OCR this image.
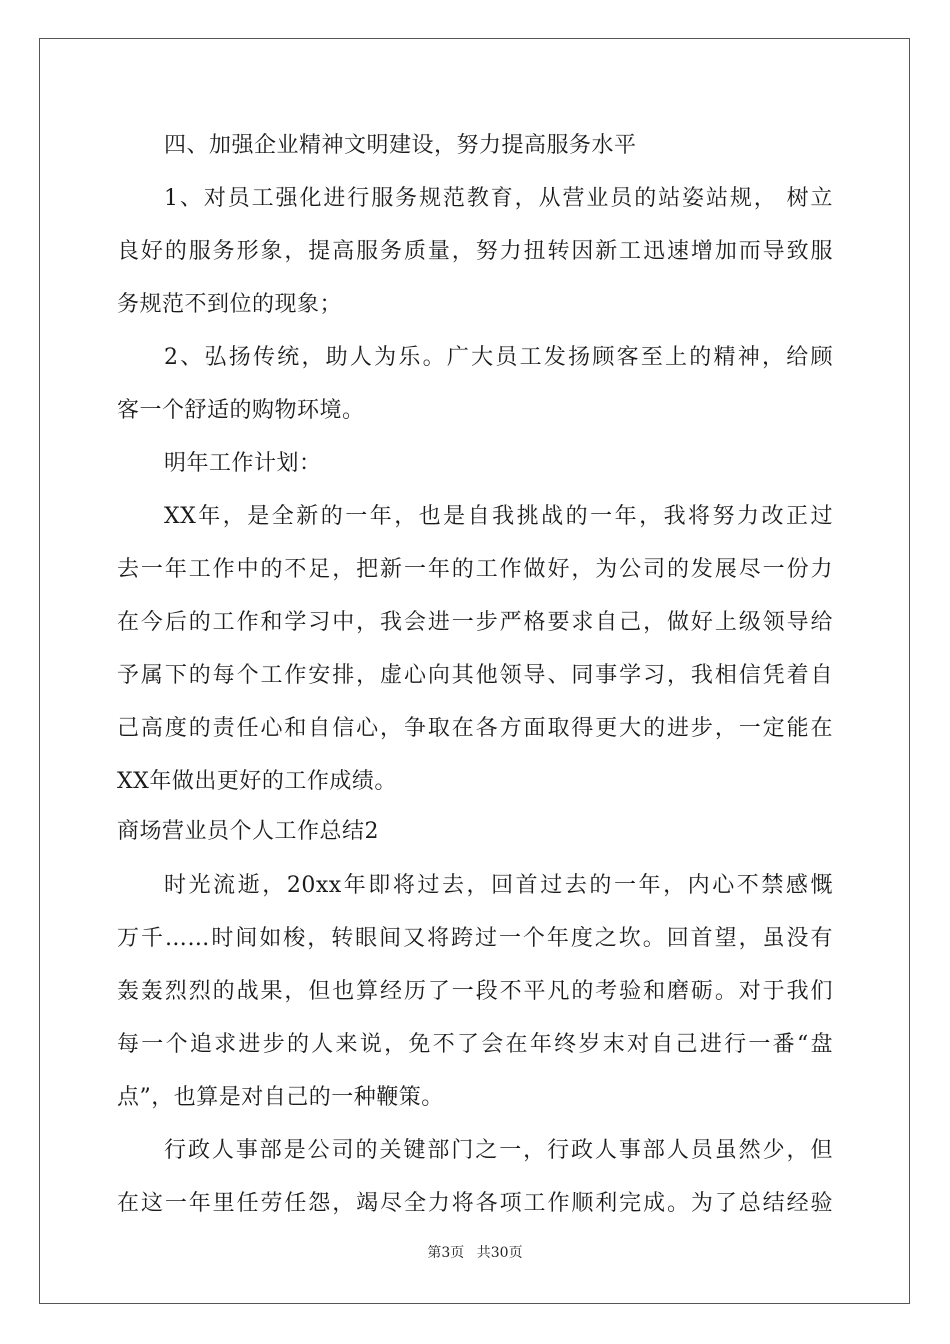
四、加强企业精神文明建设，努力提高服务水平
1、对员工强化进行服务规范教育，从营业员的站姿站规， 树立
良好的服务形象，提高服务质量，努力扭转因新工迅速增加而导致服
务规范不到位的现象；
2、弘扬传统，助人为乐。广大员工发扬顾客至上的精神，给顾
客一个舒适的购物环境。
明年工作计划：
XX年，是全新的一年，也是自我挑战的一年，我将努力改正过
去一年工作中的不足，把新一年的工作做好，为公司的发展尽一份力
在今后的工作和学习中，我会进一步严格要求自己，做好上级领导给
予属下的每个工作安排，虚心向其他领导、同事学习，我相信凭着自
己高度的责任心和自信心，争取在各方面取得更大的进步，一定能在
XX年做出更好的工作成绩。
商场营业员个人工作总结2
时光流逝，20xx年即将过去，回首过去的一年，内心不禁感慨
万千……时间如梭，转眼间又将跨过一个年度之坎。回首望，虽没有
轰轰烈烈的战果，但也算经历了一段不平凡的考验和磨砺。对于我们
每一个追求进步的人来说，免不了会在年终岁末对自己进行一番“盘
点”，也算是对自己的一种鞭策。
行政人事部是公司的关键部门之一，行政人事部人员虽然少，但
在这一年里任劳任怨，竭尽全力将各项工作顺利完成。为了总结经验
第3页 共30页
